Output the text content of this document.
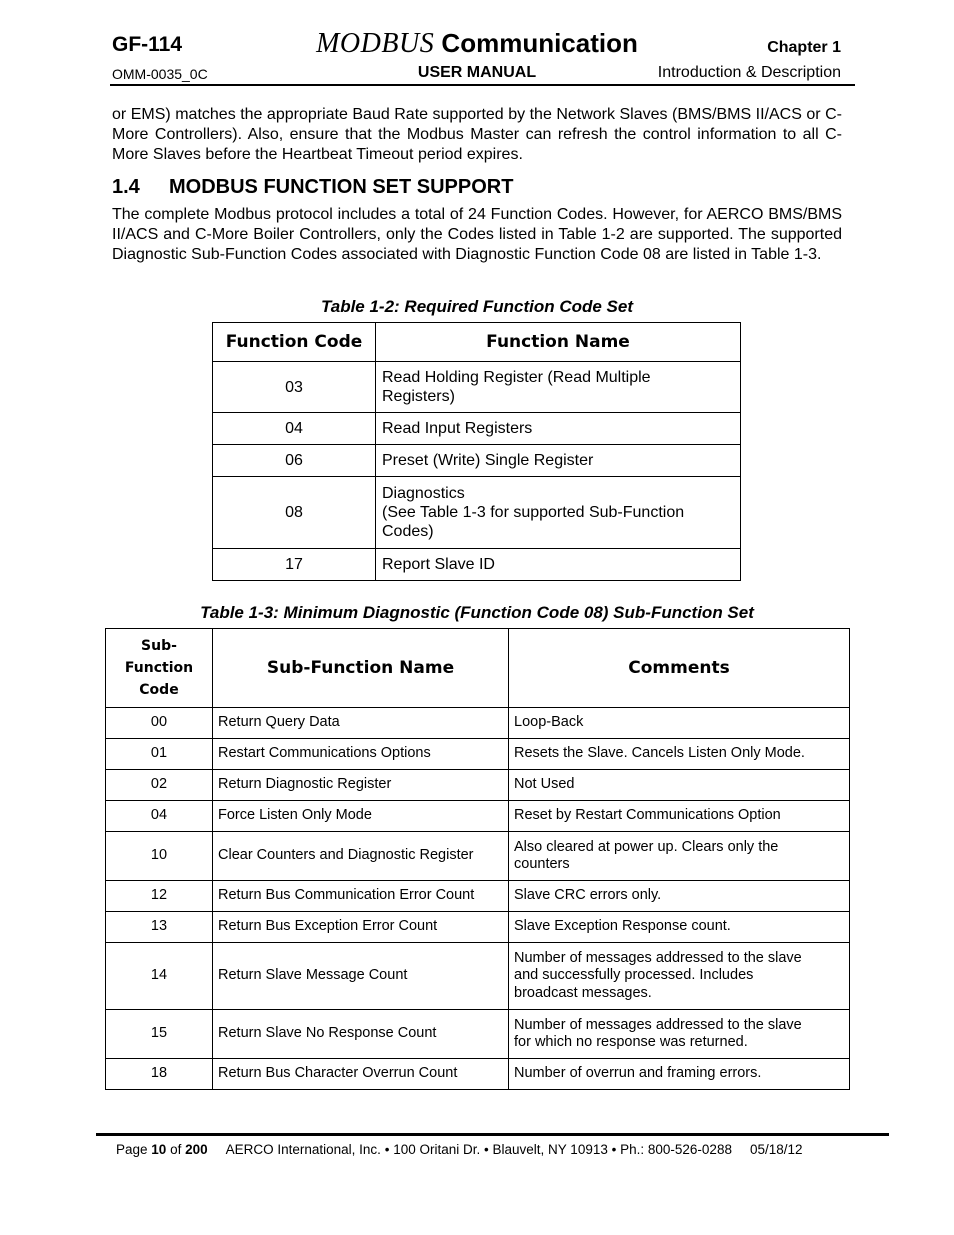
GF-114	MODBUS Communication	Chapter 1
OMM-0035_0C	USER MANUAL	Introduction & Description
or EMS) matches the appropriate Baud Rate supported by the Network Slaves (BMS/BMS II/ACS or C-More Controllers). Also, ensure that the Modbus Master can refresh the control information to all C-More Slaves before the Heartbeat Timeout period expires.
1.4 MODBUS FUNCTION SET SUPPORT
The complete Modbus protocol includes a total of 24 Function Codes. However, for AERCO BMS/BMS II/ACS and C-More Boiler Controllers, only the Codes listed in Table 1-2 are supported. The supported Diagnostic Sub-Function Codes associated with Diagnostic Function Code 08 are listed in Table 1-3.
Table 1-2: Required Function Code Set
Function Code	Function Name
03	Read Holding Register (Read Multiple
Registers)
04	Read Input Registers
06	Preset (Write) Single Register
08	Diagnostics
(See Table 1-3 for supported Sub-Function
Codes)
17	Report Slave ID
Table 1-3: Minimum Diagnostic (Function Code 08) Sub-Function Set
Sub-
Function
Code	Sub-Function Name	Comments
00	Return Query Data	Loop-Back
01	Restart Communications Options	Resets the Slave. Cancels Listen Only Mode.
02	Return Diagnostic Register	Not Used
04	Force Listen Only Mode	Reset by Restart Communications Option
10	Clear Counters and Diagnostic Register	Also cleared at power up. Clears only the
counters
12	Return Bus Communication Error Count	Slave CRC errors only.
13	Return Bus Exception Error Count	Slave Exception Response count.
14	Return Slave Message Count	Number of messages addressed to the slave
and successfully processed. Includes
broadcast messages.
15	Return Slave No Response Count	Number of messages addressed to the slave
for which no response was returned.
18	Return Bus Character Overrun Count	Number of overrun and framing errors.
Page 10 of 200 AERCO International, Inc. • 100 Oritani Dr. • Blauvelt, NY 10913 • Ph.: 800-526-0288 05/18/12
